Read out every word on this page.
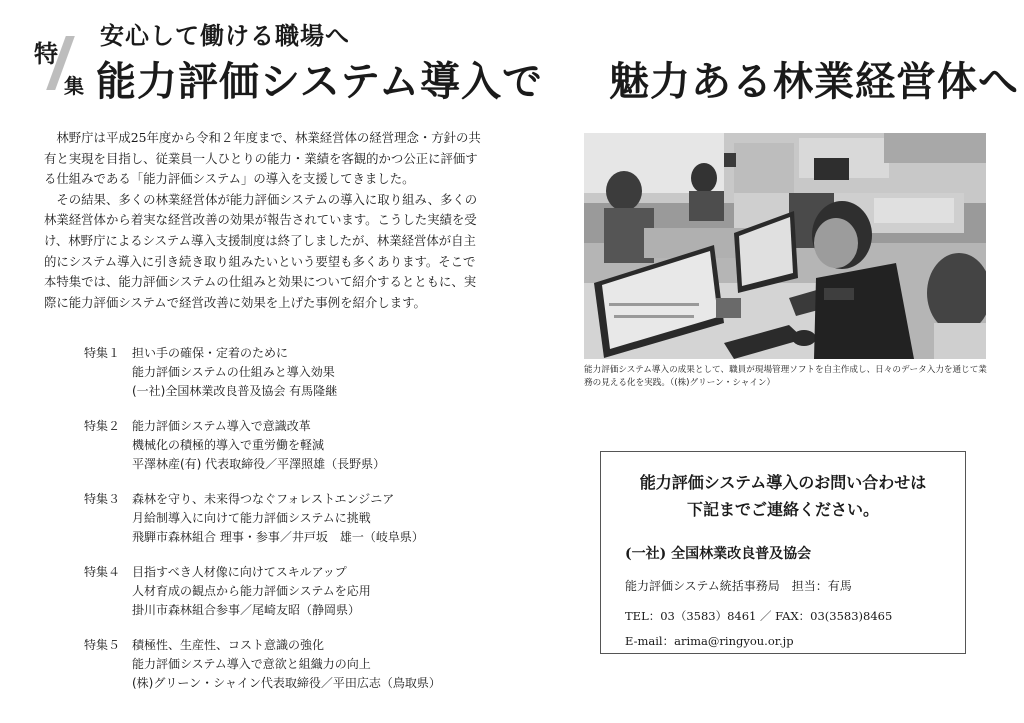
特
集
安心して働ける職場へ
能力評価システム導入で 魅力ある林業経営体へ

林野庁は平成25年度から令和２年度まで、林業経営体の経営理念・方針の共有と実現を目指し、従業員一人ひとりの能力・業績を客観的かつ公正に評価する仕組みである「能力評価システム」の導入を支援してきました。

その結果、多くの林業経営体が能力評価システムの導入に取り組み、多くの林業経営体から着実な経営改善の効果が報告されています。こうした実績を受け、林野庁によるシステム導入支援制度は終了しましたが、林業経営体が自主的にシステム導入に引き続き取り組みたいという要望も多くあります。そこで本特集では、能力評価システムの仕組みと効果について紹介するとともに、実際に能力評価システムで経営改善に効果を上げた事例を紹介します。

特集１ 担い手の確保・定着のために
能力評価システムの仕組みと導入効果
(一社)全国林業改良普及協会 有馬隆継
特集２ 能力評価システム導入で意識改革
機械化の積極的導入で重労働を軽減
平澤林産(有) 代表取締役／平澤照雄（長野県）
特集３ 森林を守り、未来得つなぐフォレストエンジニア
月給制導入に向けて能力評価システムに挑戦
飛騨市森林組合 理事・参事／井戸坂　雄一（岐阜県）
特集４ 目指すべき人材像に向けてスキルアップ
人材育成の観点から能力評価システムを応用
掛川市森林組合参事／尾崎友昭（静岡県）
特集５ 積極性、生産性、コスト意識の強化
能力評価システム導入で意欲と組織力の向上
(株)グリーン・シャイン代表取締役／平田広志（鳥取県）
能力評価システム導入の成果として、職員が現場管理ソフトを自主作成し、日々のデータ入力を通じて業務の見える化を実践。（(株)グリーン・シャイン）
能力評価システム導入のお問い合わせは
下記までご連絡ください。
(一社) 全国林業改良普及協会
能力評価システム統括事務局　担当：有馬
TEL：03（3583）8461 ／ FAX：03(3583)8465
E-mail：arima@ringyou.or.jp
